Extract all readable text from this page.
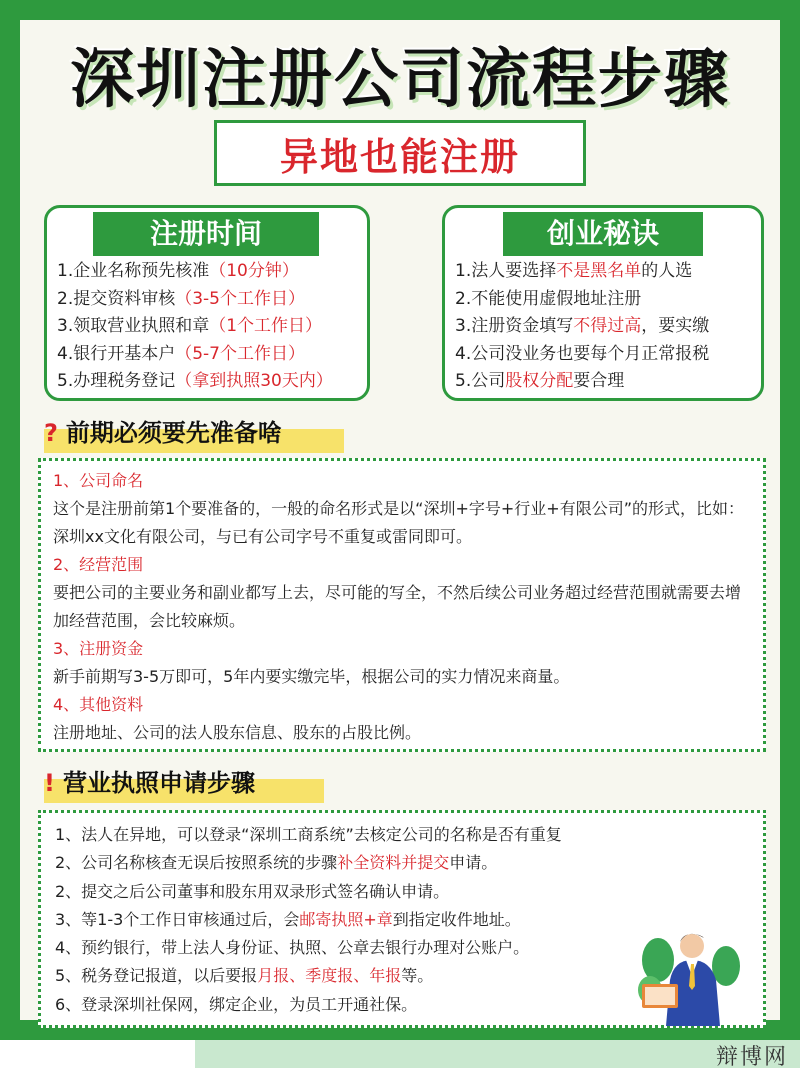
辩博网
深圳注册公司流程步骤
异地也能注册
注册时间
1.企业名称预先核准（10分钟）
2.提交资料审核（3-5个工作日）
3.领取营业执照和章（1个工作日）
4.银行开基本户（5-7个工作日）
5.办理税务登记（拿到执照30天内）
创业秘诀
1.法人要选择不是黑名单的人选
2.不能使用虚假地址注册
3.注册资金填写不得过高，要实缴
4.公司没业务也要每个月正常报税
5.公司股权分配要合理
? 前期必须要先准备啥
1、公司命名
这个是注册前第1个要准备的，一般的命名形式是以“深圳+字号+行业+有限公司”的形式，比如：深圳xx文化有限公司，与已有公司字号不重复或雷同即可。
2、经营范围
要把公司的主要业务和副业都写上去，尽可能的写全，不然后续公司业务超过经营范围就需要去增加经营范围，会比较麻烦。
3、注册资金
新手前期写3-5万即可，5年内要实缴完毕，根据公司的实力情况来商量。
4、其他资料
注册地址、公司的法人股东信息、股东的占股比例。
! 营业执照申请步骤
1、法人在异地，可以登录“深圳工商系统”去核定公司的名称是否有重复
2、公司名称核查无误后按照系统的步骤补全资料并提交申请。
2、提交之后公司董事和股东用双录形式签名确认申请。
3、等1-3个工作日审核通过后，会邮寄执照+章到指定收件地址。
4、预约银行，带上法人身份证、执照、公章去银行办理对公账户。
5、税务登记报道，以后要报月报、季度报、年报等。
6、登录深圳社保网，绑定企业，为员工开通社保。
